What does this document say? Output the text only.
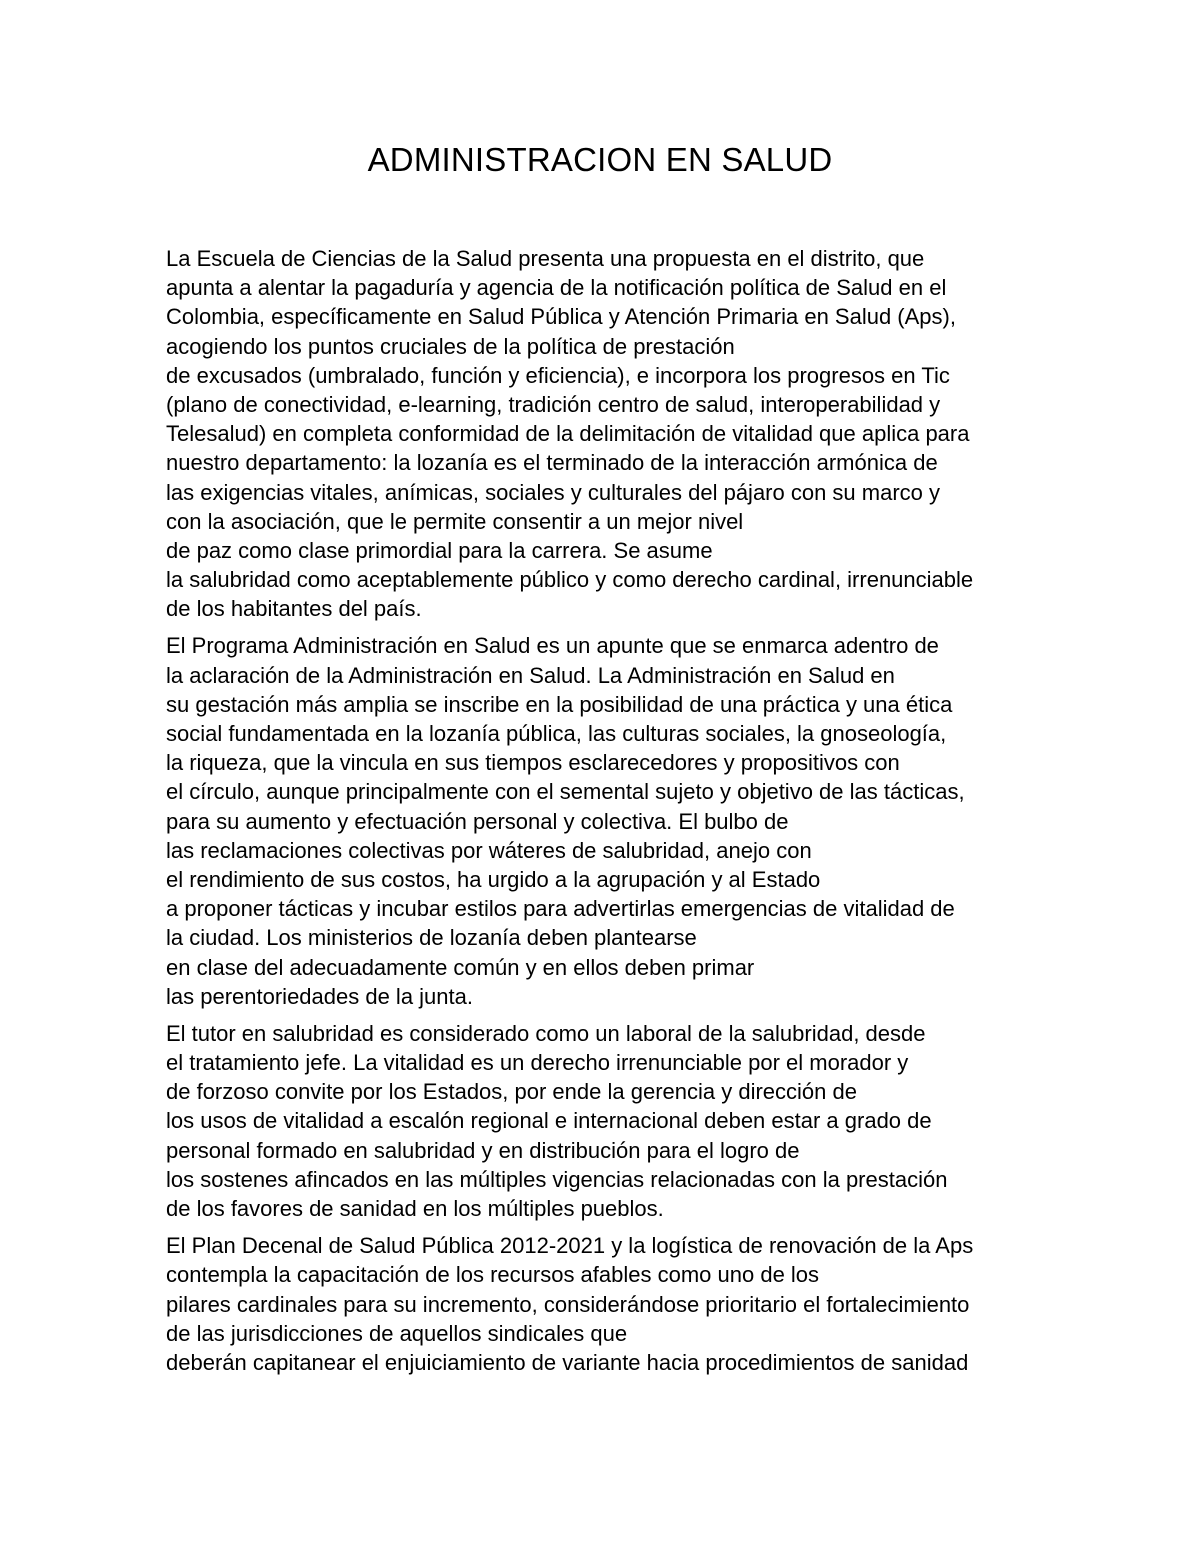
ADMINISTRACION EN SALUD
La Escuela de Ciencias de la Salud presenta una propuesta en el distrito, que
apunta a alentar la pagaduría y agencia de la notificación política de Salud en el
Colombia, específicamente en Salud Pública y Atención Primaria en Salud (Aps),
acogiendo los puntos cruciales de la política de prestación
de excusados (umbralado, función y eficiencia), e incorpora los progresos en Tic
(plano de conectividad, e-learning, tradición centro de salud, interoperabilidad y
Telesalud) en completa conformidad de la delimitación de vitalidad que aplica para
nuestro departamento: la lozanía es el terminado de la interacción armónica de
las exigencias vitales, anímicas, sociales y culturales del pájaro con su marco y
con la asociación, que le permite consentir a un mejor nivel
de paz como clase primordial para la carrera. Se asume
la salubridad como aceptablemente público y como derecho cardinal, irrenunciable
de los habitantes del país.
El Programa Administración en Salud es un apunte que se enmarca adentro de
la aclaración de la Administración en Salud. La Administración en Salud en
su gestación más amplia se inscribe en la posibilidad de una práctica y una ética
social fundamentada en la lozanía pública, las culturas sociales, la gnoseología,
la riqueza, que la vincula en sus tiempos esclarecedores y propositivos con
el círculo, aunque principalmente con el semental sujeto y objetivo de las tácticas,
para su aumento y efectuación personal y colectiva. El bulbo de
las reclamaciones colectivas por wáteres de salubridad, anejo con
el rendimiento de sus costos, ha urgido a la agrupación y al Estado
a proponer tácticas y incubar estilos para advertirlas emergencias de vitalidad de
la ciudad. Los ministerios de lozanía deben plantearse
en clase del adecuadamente común y en ellos deben primar
las perentoriedades de la junta.
El tutor en salubridad es considerado como un laboral de la salubridad, desde
el tratamiento jefe. La vitalidad es un derecho irrenunciable por el morador y
de forzoso convite por los Estados, por ende la gerencia y dirección de
los usos de vitalidad a escalón regional e internacional deben estar a grado de
personal formado en salubridad y en distribución para el logro de
los sostenes afincados en las múltiples vigencias relacionadas con la prestación
de los favores de sanidad en los múltiples pueblos.
El Plan Decenal de Salud Pública 2012-2021 y la logística de renovación de la Aps
contempla la capacitación de los recursos afables como uno de los
pilares cardinales para su incremento, considerándose prioritario el fortalecimiento
de las jurisdicciones de aquellos sindicales que
deberán capitanear el enjuiciamiento de variante hacia procedimientos de sanidad
